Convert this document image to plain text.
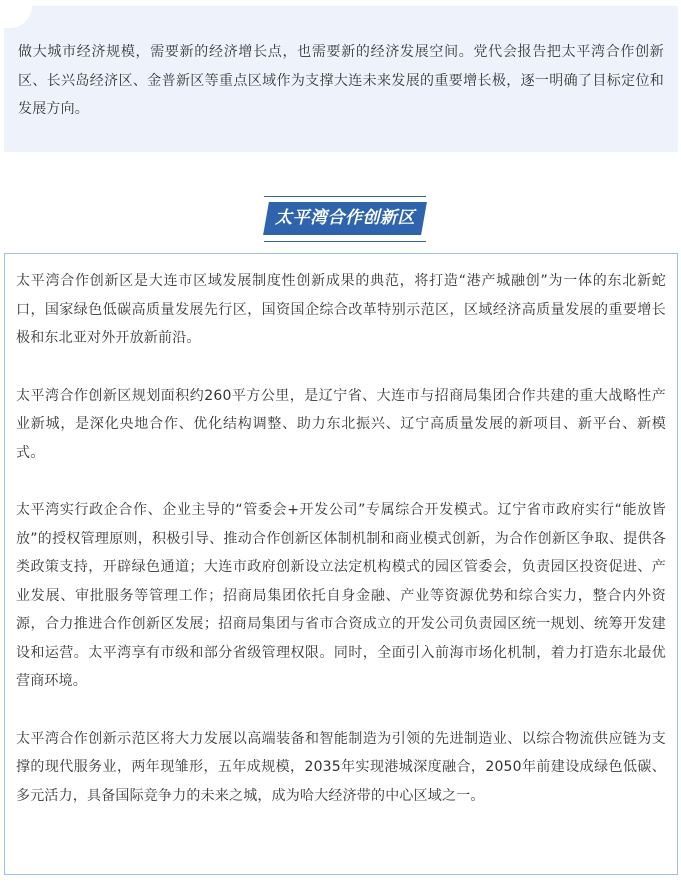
做大城市经济规模，需要新的经济增长点，也需要新的经济发展空间。党代会报告把太平湾合作创新区、长兴岛经济区、金普新区等重点区域作为支撑大连未来发展的重要增长极，逐一明确了目标定位和发展方向。

太平湾合作创新区

太平湾合作创新区是大连市区域发展制度性创新成果的典范，将打造“港产城融创”为一体的东北新蛇口，国家绿色低碳高质量发展先行区，国资国企综合改革特别示范区，区域经济高质量发展的重要增长极和东北亚对外开放新前沿。

太平湾合作创新区规划面积约260平方公里，是辽宁省、大连市与招商局集团合作共建的重大战略性产业新城，是深化央地合作、优化结构调整、助力东北振兴、辽宁高质量发展的新项目、新平台、新模式。

太平湾实行政企合作、企业主导的“管委会+开发公司”专属综合开发模式。辽宁省市政府实行“能放皆放”的授权管理原则，积极引导、推动合作创新区体制机制和商业模式创新，为合作创新区争取、提供各类政策支持，开辟绿色通道；大连市政府创新设立法定机构模式的园区管委会，负责园区投资促进、产业发展、审批服务等管理工作；招商局集团依托自身金融、产业等资源优势和综合实力，整合内外资源，合力推进合作创新区发展；招商局集团与省市合资成立的开发公司负责园区统一规划、统筹开发建设和运营。太平湾享有市级和部分省级管理权限。同时，全面引入前海市场化机制，着力打造东北最优营商环境。

太平湾合作创新示范区将大力发展以高端装备和智能制造为引领的先进制造业、以综合物流供应链为支撑的现代服务业，两年现雏形，五年成规模，2035年实现港城深度融合，2050年前建设成绿色低碳、多元活力，具备国际竞争力的未来之城，成为哈大经济带的中心区域之一。
